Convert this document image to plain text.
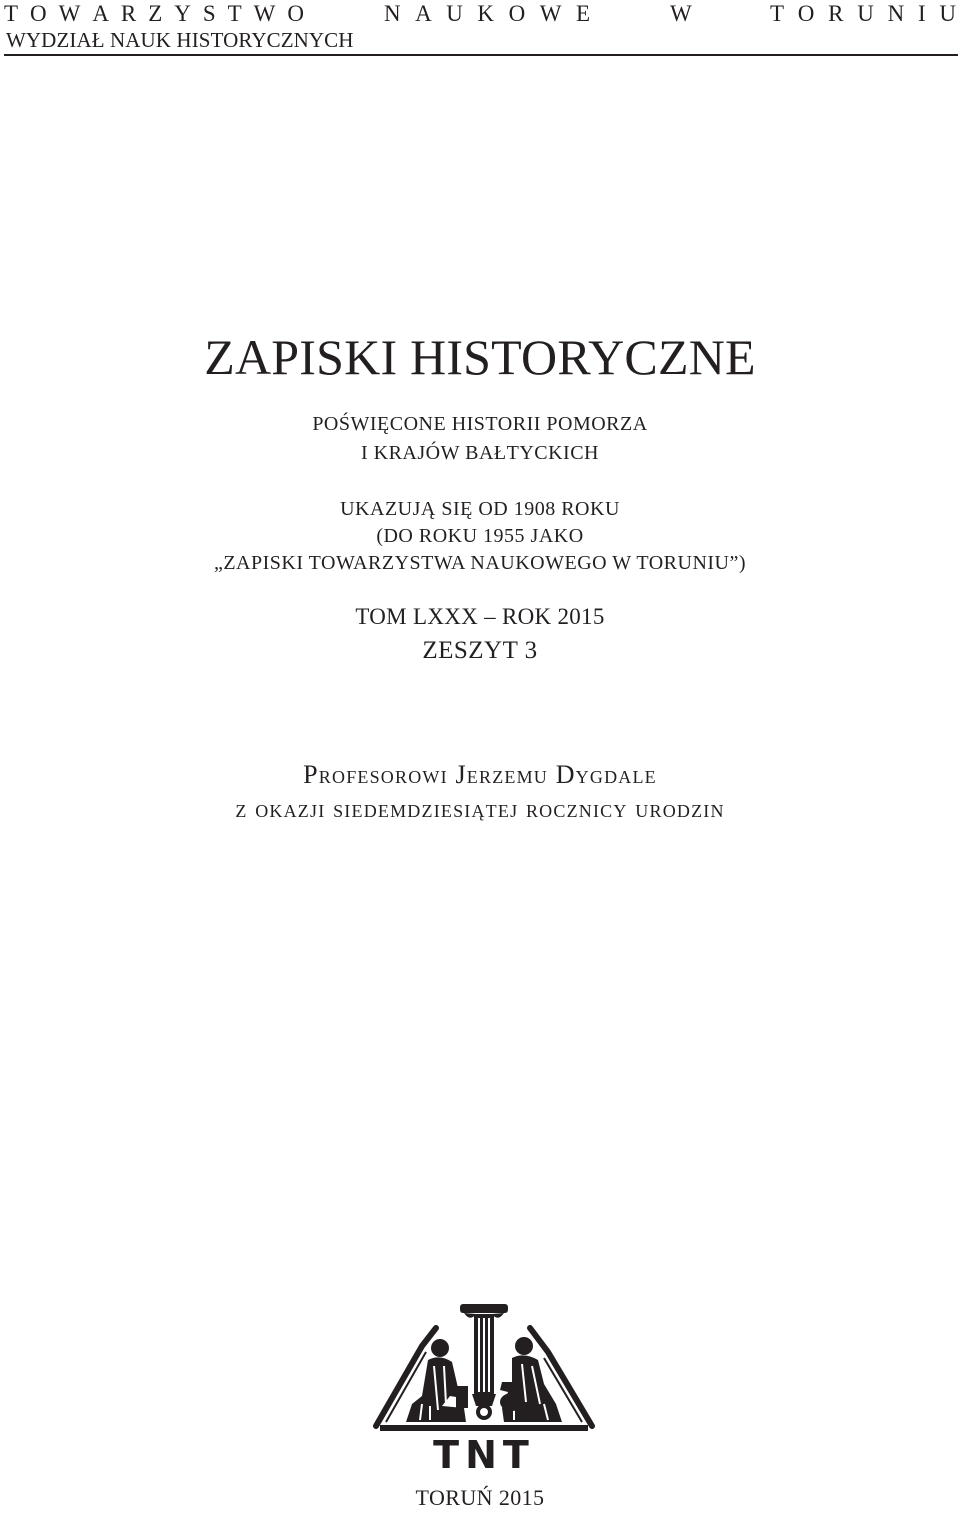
T O W A R Z Y S T W O	N A U K O W E	W	T O R U N I U
WYDZIAŁ NAUK HISTORYCZNYCH
ZAPISKI HISTORYCZNE
POŚWIĘCONE HISTORII POMORZA
I KRAJÓW BAŁTYCKICH
UKAZUJĄ SIĘ OD 1908 ROKU
(DO ROKU 1955 JAKO
„ZAPISKI TOWARZYSTWA NAUKOWEGO W TORUNIU”)
TOM LXXX – ROK 2015
ZESZYT 3
Profesorowi Jerzemu Dygdale
z okazji siedemdziesiątej rocznicy urodzin
TNT
TORUŃ 2015
